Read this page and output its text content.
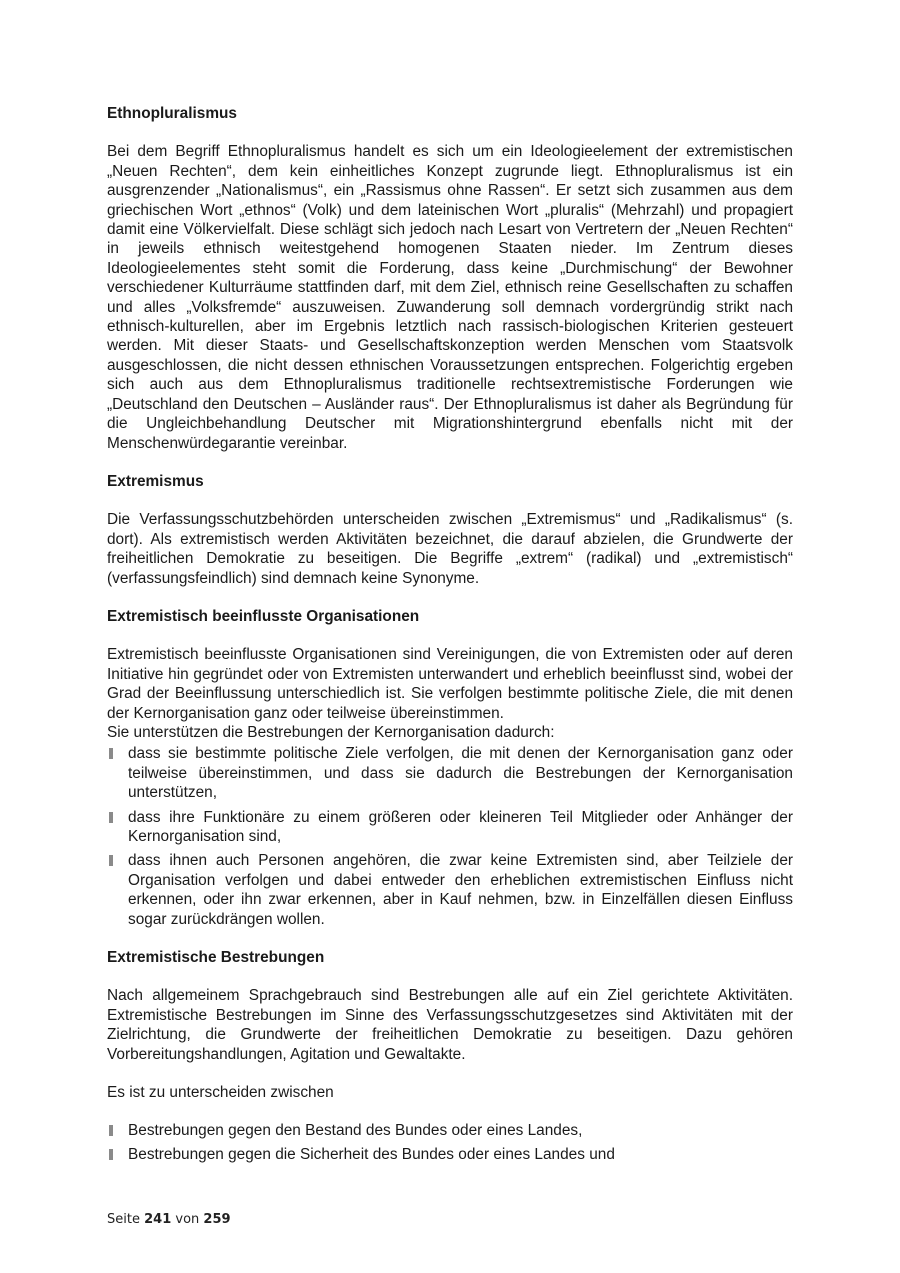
Ethnopluralismus

Bei dem Begriff Ethnopluralismus handelt es sich um ein Ideologieelement der extremistischen „Neuen Rechten“, dem kein einheitliches Konzept zugrunde liegt. Ethnopluralismus ist ein ausgrenzender „Nationalismus“, ein „Rassismus ohne Rassen“. Er setzt sich zusammen aus dem griechischen Wort „ethnos“ (Volk) und dem lateinischen Wort „pluralis“ (Mehrzahl) und propagiert damit eine Völkervielfalt. Diese schlägt sich jedoch nach Lesart von Vertretern der „Neuen Rechten“ in jeweils ethnisch weitestgehend homogenen Staaten nieder. Im Zentrum dieses Ideologieelementes steht somit die Forderung, dass keine „Durchmischung“ der Bewohner verschiedener Kulturräume stattfinden darf, mit dem Ziel, ethnisch reine Gesellschaften zu schaffen und alles „Volksfremde“ auszuweisen. Zuwanderung soll demnach vordergründig strikt nach ethnisch-kulturellen, aber im Ergebnis letztlich nach rassisch-biologischen Kriterien gesteuert werden. Mit dieser Staats- und Gesellschaftskonzeption werden Menschen vom Staatsvolk ausgeschlossen, die nicht dessen ethnischen Voraussetzungen entsprechen. Folgerichtig ergeben sich auch aus dem Ethnopluralismus traditionelle rechtsextremistische Forderungen wie „Deutschland den Deutschen – Ausländer raus“. Der Ethnopluralismus ist daher als Begründung für die Ungleichbehandlung Deutscher mit Migrationshintergrund ebenfalls nicht mit der Menschenwürdegarantie vereinbar.

Extremismus

Die Verfassungsschutzbehörden unterscheiden zwischen „Extremismus“ und „Radikalismus“ (s. dort). Als extremistisch werden Aktivitäten bezeichnet, die darauf abzielen, die Grundwerte der freiheitlichen Demokratie zu beseitigen. Die Begriffe „extrem“ (radikal) und „extremistisch“ (verfassungsfeindlich) sind demnach keine Synonyme.

Extremistisch beeinflusste Organisationen

Extremistisch beeinflusste Organisationen sind Vereinigungen, die von Extremisten oder auf deren Initiative hin gegründet oder von Extremisten unterwandert und erheblich beeinflusst sind, wobei der Grad der Beeinflussung unterschiedlich ist. Sie verfolgen bestimmte politische Ziele, die mit denen der Kernorganisation ganz oder teilweise übereinstimmen.

Sie unterstützen die Bestrebungen der Kernorganisation dadurch:

dass sie bestimmte politische Ziele verfolgen, die mit denen der Kernorganisation ganz oder teilweise übereinstimmen, und dass sie dadurch die Bestrebungen der Kernorganisation unterstützen,
dass ihre Funktionäre zu einem größeren oder kleineren Teil Mitglieder oder Anhänger der Kernorganisation sind,
dass ihnen auch Personen angehören, die zwar keine Extremisten sind, aber Teilziele der Organisation verfolgen und dabei entweder den erheblichen extremistischen Einfluss nicht erkennen, oder ihn zwar erkennen, aber in Kauf nehmen, bzw. in Einzelfällen diesen Einfluss sogar zurückdrängen wollen.
Extremistische Bestrebungen

Nach allgemeinem Sprachgebrauch sind Bestrebungen alle auf ein Ziel gerichtete Aktivitäten. Extremistische Bestrebungen im Sinne des Verfassungsschutzgesetzes sind Aktivitäten mit der Zielrichtung, die Grundwerte der freiheitlichen Demokratie zu beseitigen. Dazu gehören Vorbereitungshandlungen, Agitation und Gewaltakte.

Es ist zu unterscheiden zwischen

Bestrebungen gegen den Bestand des Bundes oder eines Landes,
Bestrebungen gegen die Sicherheit des Bundes oder eines Landes und
Seite 241 von 259
